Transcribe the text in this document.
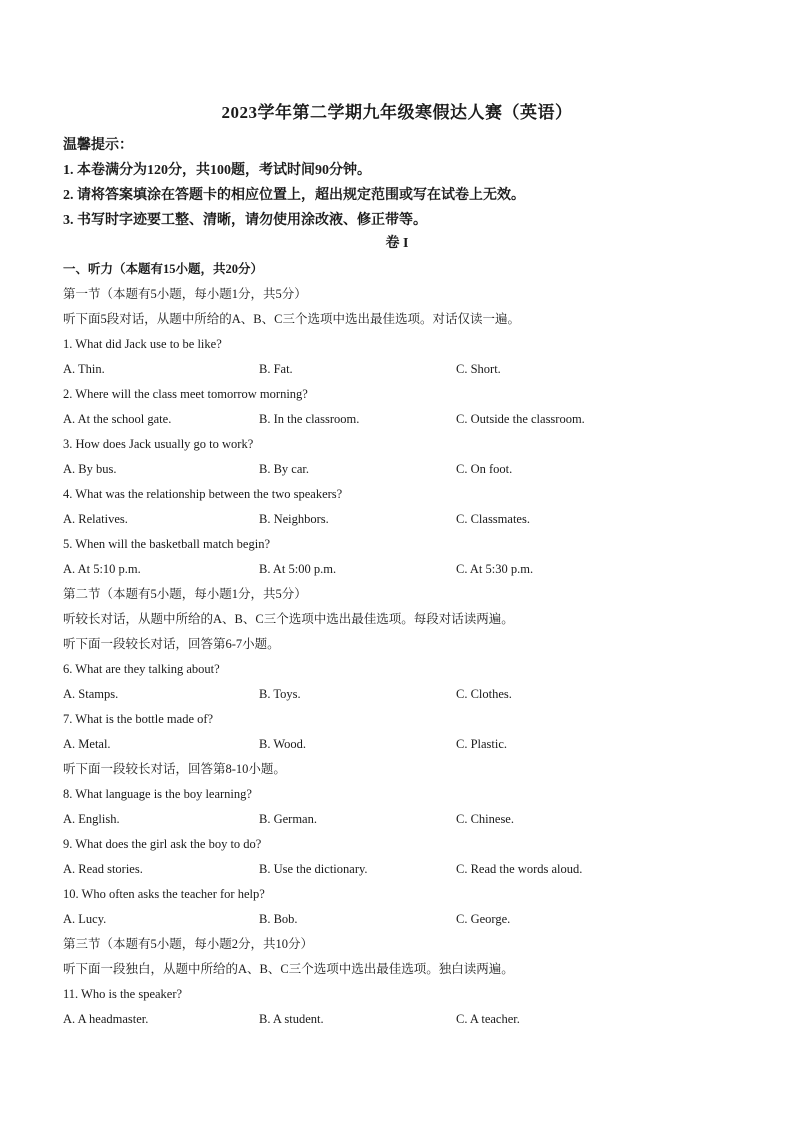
2023学年第二学期九年级寒假达人赛（英语）
温馨提示：
1. 本卷满分为120分，共100题，考试时间90分钟。
2. 请将答案填涂在答题卡的相应位置上，超出规定范围或写在试卷上无效。
3. 书写时字迹要工整、清晰，请勿使用涂改液、修正带等。
卷 I
一、听力（本题有15小题，共20分）
第一节（本题有5小题，每小题1分，共5分）
听下面5段对话，从题中所给的A、B、C三个选项中选出最佳选项。对话仅读一遍。
1. What did Jack use to be like?
A. Thin.	B. Fat.	C. Short.
2. Where will the class meet tomorrow morning?
A. At the school gate.	B. In the classroom.	C. Outside the classroom.
3. How does Jack usually go to work?
A. By bus.	B. By car.	C. On foot.
4. What was the relationship between the two speakers?
A. Relatives.	B. Neighbors.	C. Classmates.
5. When will the basketball match begin?
A. At 5:10 p.m.	B. At 5:00 p.m.	C. At 5:30 p.m.
第二节（本题有5小题，每小题1分，共5分）
听较长对话，从题中所给的A、B、C三个选项中选出最佳选项。每段对话读两遍。
听下面一段较长对话，回答第6-7小题。
6. What are they talking about?
A. Stamps.	B. Toys.	C. Clothes.
7. What is the bottle made of?
A. Metal.	B. Wood.	C. Plastic.
听下面一段较长对话，回答第8-10小题。
8. What language is the boy learning?
A. English.	B. German.	C. Chinese.
9. What does the girl ask the boy to do?
A. Read stories.	B. Use the dictionary.	C. Read the words aloud.
10. Who often asks the teacher for help?
A. Lucy.	B. Bob.	C. George.
第三节（本题有5小题，每小题2分，共10分）
听下面一段独白，从题中所给的A、B、C三个选项中选出最佳选项。独白读两遍。
11. Who is the speaker?
A. A headmaster.	B. A student.	C. A teacher.
